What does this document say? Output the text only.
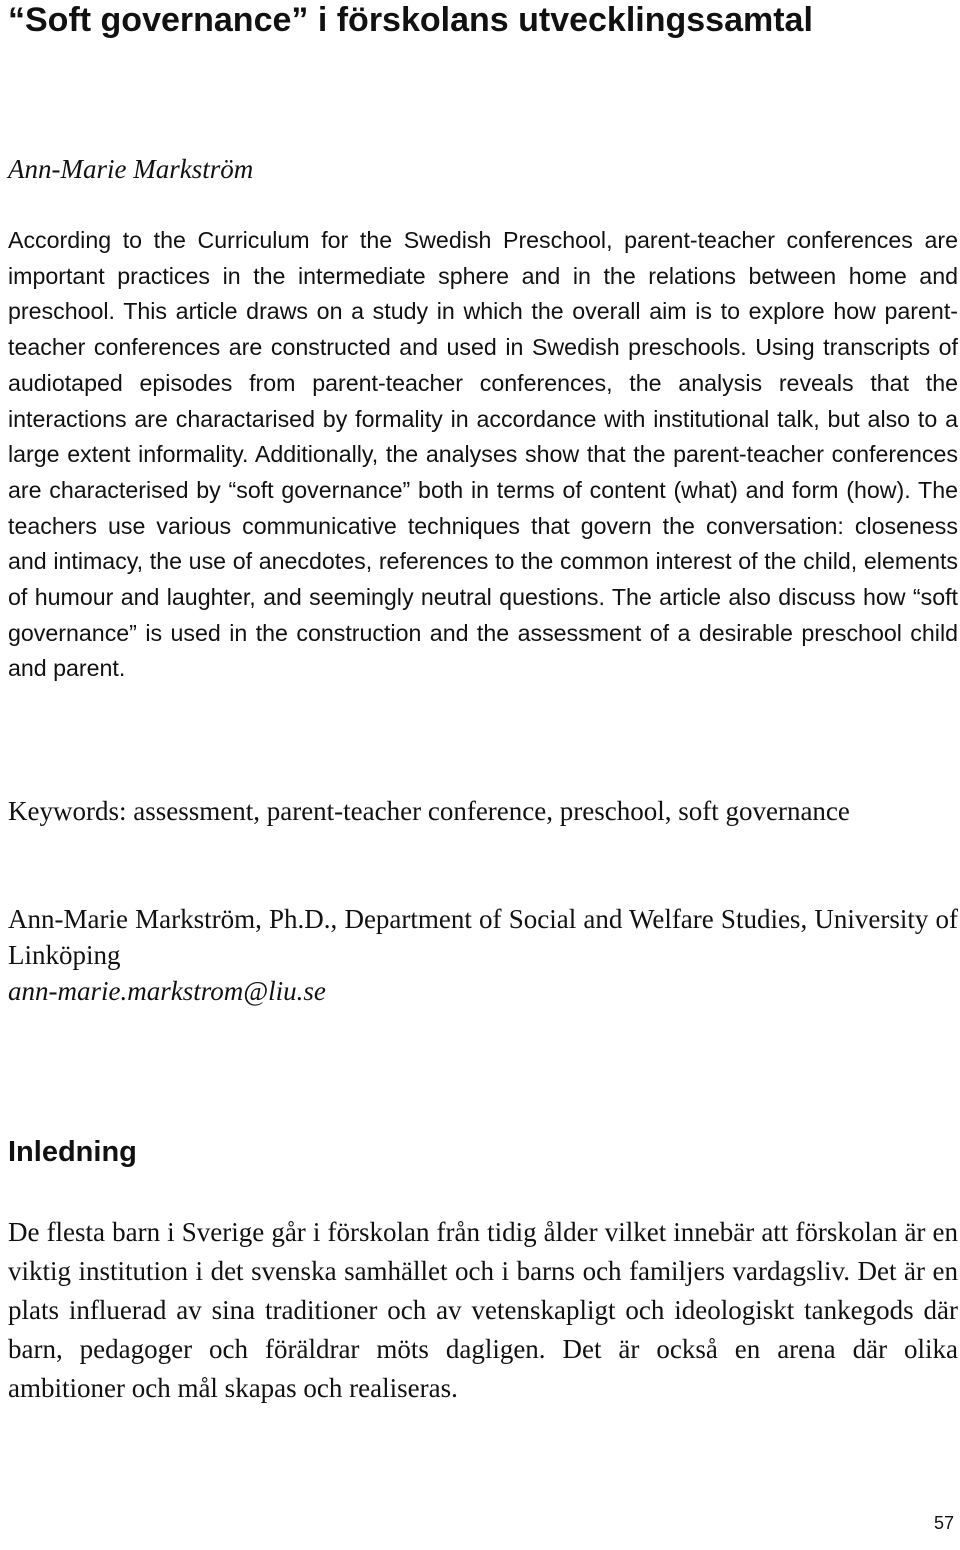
“Soft governance” i förskolans utvecklingssamtal

Ann-Marie Markström

According to the Curriculum for the Swedish Preschool, parent-teacher conferences are important practices in the intermediate sphere and in the relations between home and preschool. This article draws on a study in which the overall aim is to explore how parent-teacher conferences are constructed and used in Swedish preschools. Using transcripts of audiotaped episodes from parent-teacher conferences, the analysis reveals that the interactions are charactarised by formality in accordance with institutional talk, but also to a large extent informality. Additionally, the analyses show that the parent-teacher conferences are characterised by “soft governance” both in terms of content (what) and form (how). The teachers use various communicative techniques that govern the conversation: closeness and intimacy, the use of anecdotes, references to the common interest of the child, elements of humour and laughter, and seemingly neutral questions. The article also discuss how “soft governance” is used in the construction and the assessment of a desirable preschool child and parent.

Keywords: assessment, parent-teacher conference, preschool, soft governance

Ann-Marie Markström, Ph.D., Department of Social and Welfare Studies, University of Linköping

ann-marie.markstrom@liu.se

Inledning

De flesta barn i Sverige går i förskolan från tidig ålder vilket innebär att förskolan är en viktig institution i det svenska samhället och i barns och familjers vardagsliv. Det är en plats influerad av sina traditioner och av vetenskapligt och ideologiskt tankegods där barn, pedagoger och föräldrar möts dagligen. Det är också en arena där olika ambitioner och mål skapas och realiseras.

57
